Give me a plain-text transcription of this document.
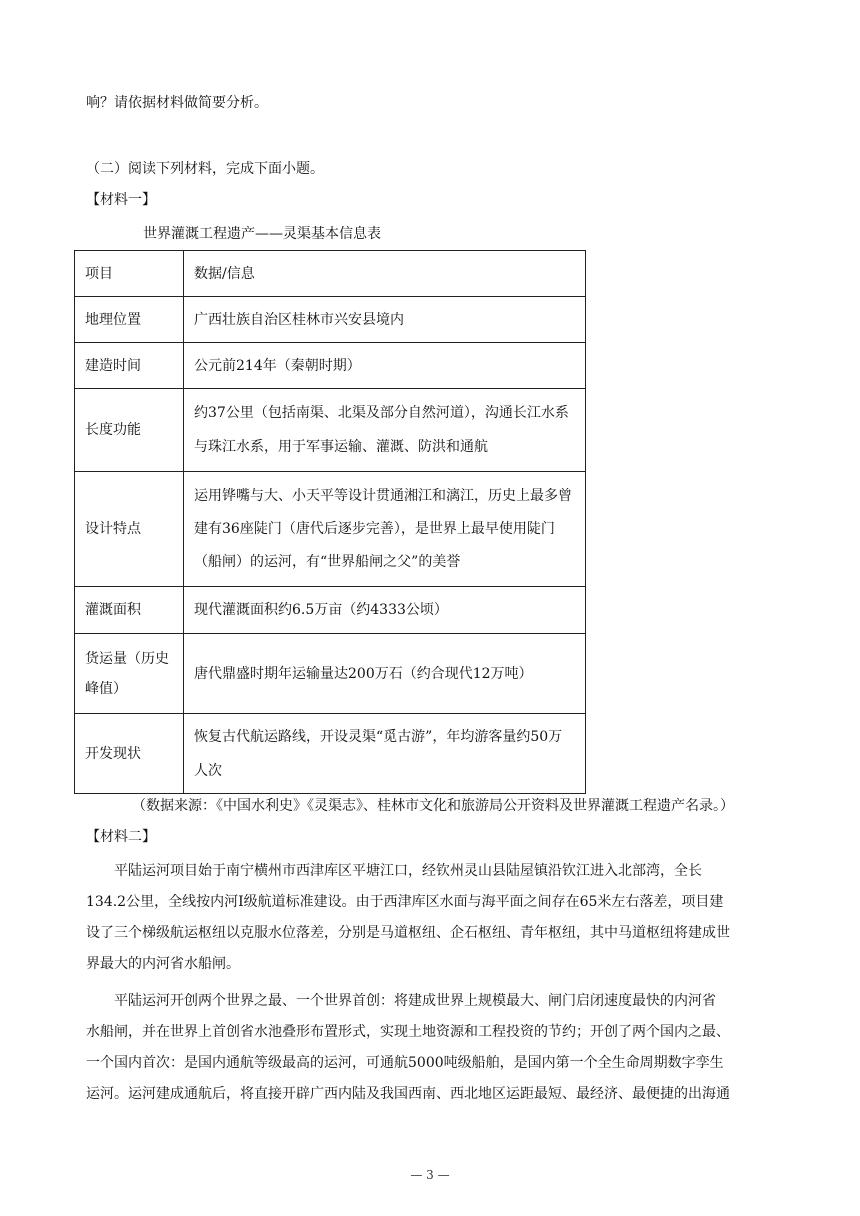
响？请依据材料做简要分析。
（二）阅读下列材料，完成下面小题。
【材料一】
世界灌溉工程遗产——灵渠基本信息表
项目	数据/信息
地理位置	广西壮族自治区桂林市兴安县境内
建造时间	公元前214年（秦朝时期）
长度功能	约37公里（包括南渠、北渠及部分自然河道），沟通长江水系与珠江水系，用于军事运输、灌溉、防洪和通航
设计特点	运用铧嘴与大、小天平等设计贯通湘江和漓江，历史上最多曾建有36座陡门（唐代后逐步完善），是世界上最早使用陡门（船闸）的运河，有“世界船闸之父”的美誉
灌溉面积	现代灌溉面积约6.5万亩（约4333公顷）
货运量（历史峰值）	唐代鼎盛时期年运输量达200万石（约合现代12万吨）
开发现状	恢复古代航运路线，开设灵渠“觅古游”，年均游客量约50万人次
（数据来源：《中国水利史》《灵渠志》、桂林市文化和旅游局公开资料及世界灌溉工程遗产名录。）
【材料二】
平陆运河项目始于南宁横州市西津库区平塘江口，经钦州灵山县陆屋镇沿钦江进入北部湾，全长
134.2公里，全线按内河Ⅰ级航道标准建设。由于西津库区水面与海平面之间存在65米左右落差，项目建
设了三个梯级航运枢纽以克服水位落差，分别是马道枢纽、企石枢纽、青年枢纽，其中马道枢纽将建成世
界最大的内河省水船闸。
平陆运河开创两个世界之最、一个世界首创：将建成世界上规模最大、闸门启闭速度最快的内河省
水船闸，并在世界上首创省水池叠形布置形式，实现土地资源和工程投资的节约；开创了两个国内之最、
一个国内首次：是国内通航等级最高的运河，可通航5000吨级船舶，是国内第一个全生命周期数字孪生
运河。运河建成通航后，将直接开辟广西内陆及我国西南、西北地区运距最短、最经济、最便捷的出海通
— 3 —
